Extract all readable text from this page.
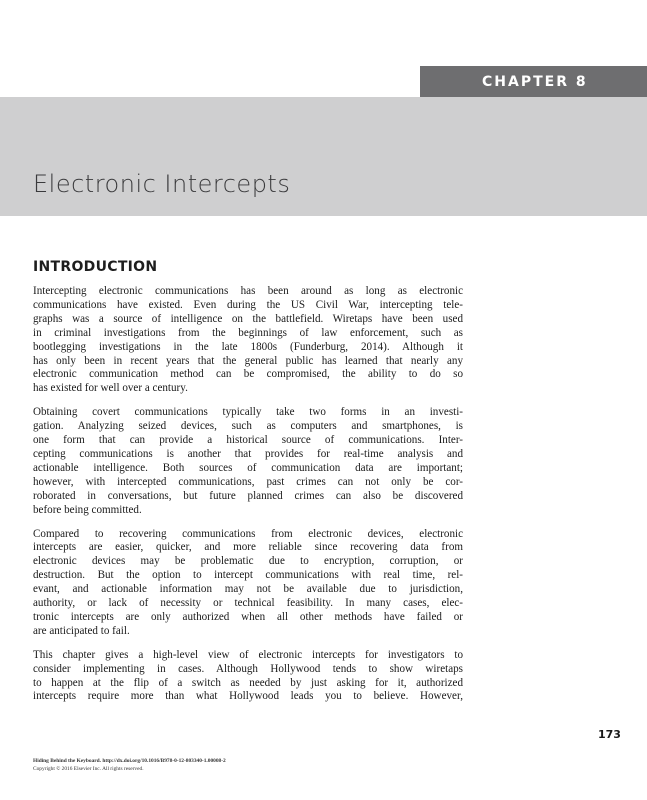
CHAPTER 8
Electronic Intercepts
INTRODUCTION

Intercepting electronic communications has been around as long as electronic
communications have existed. Even during the US Civil War, intercepting tele-
graphs was a source of intelligence on the battlefield. Wiretaps have been used
in criminal investigations from the beginnings of law enforcement, such as
bootlegging investigations in the late 1800s (Funderburg, 2014). Although it
has only been in recent years that the general public has learned that nearly any
electronic communication method can be compromised, the ability to do so
has existed for well over a century.

Obtaining covert communications typically take two forms in an investi-
gation. Analyzing seized devices, such as computers and smartphones, is
one form that can provide a historical source of communications. Inter-
cepting communications is another that provides for real-time analysis and
actionable intelligence. Both sources of communication data are important;
however, with intercepted communications, past crimes can not only be cor-
roborated in conversations, but future planned crimes can also be discovered
before being committed.

Compared to recovering communications from electronic devices, electronic
intercepts are easier, quicker, and more reliable since recovering data from
electronic devices may be problematic due to encryption, corruption, or
destruction. But the option to intercept communications with real time, rel-
evant, and actionable information may not be available due to jurisdiction,
authority, or lack of necessity or technical feasibility. In many cases, elec-
tronic intercepts are only authorized when all other methods have failed or
are anticipated to fail.

This chapter gives a high-level view of electronic intercepts for investigators to
consider implementing in cases. Although Hollywood tends to show wiretaps
to happen at the flip of a switch as needed by just asking for it, authorized
intercepts require more than what Hollywood leads you to believe. However,

173
Hiding Behind the Keyboard. http://dx.doi.org/10.1016/B978-0-12-803340-1.00008-2
Copyright © 2016 Elsevier Inc. All rights reserved.
